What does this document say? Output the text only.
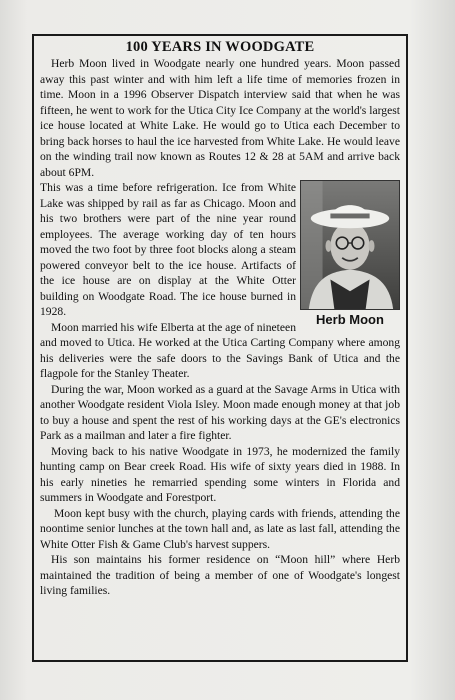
100 YEARS IN WOODGATE

Herb Moon lived in Woodgate nearly one hundred years. Moon passed away this past winter and with him left a life time of memories frozen in time. Moon in a 1996 Observer Dispatch interview said that when he was fifteen, he went to work for the Utica City Ice Company at the world's largest ice house located at White Lake. He would go to Utica each December to bring back horses to haul the ice harvested from White Lake. He would leave on the winding trail now known as Routes 12 & 28 at 5AM and arrive back about 6PM.

Herb Moon

This was a time before refrigeration. Ice from White Lake was shipped by rail as far as Chicago. Moon and his two brothers were part of the nine year round employees. The average working day of ten hours moved the two foot by three foot blocks along a steam powered conveyor belt to the ice house. Artifacts of the ice house are on display at the White Otter building on Woodgate Road. The ice house burned in 1928.

Moon married his wife Elberta at the age of nineteen and moved to Utica. He worked at the Utica Carting Company where among his deliveries were the safe doors to the Savings Bank of Utica and the flagpole for the Stanley Theater.

During the war, Moon worked as a guard at the Savage Arms in Utica with another Woodgate resident Viola Isley. Moon made enough money at that job to buy a house and spent the rest of his working days at the GE's electronics Park as a mailman and later a fire fighter.

Moving back to his native Woodgate in 1973, he modernized the family hunting camp on Bear creek Road. His wife of sixty years died in 1988. In his early nineties he remarried spending some winters in Florida and summers in Woodgate and Forestport.

Moon kept busy with the church, playing cards with friends, attending the noontime senior lunches at the town hall and, as late as last fall, attending the White Otter Fish & Game Club's harvest suppers.

His son maintains his former residence on “Moon hill” where Herb maintained the tradition of being a member of one of Woodgate's longest living families.
